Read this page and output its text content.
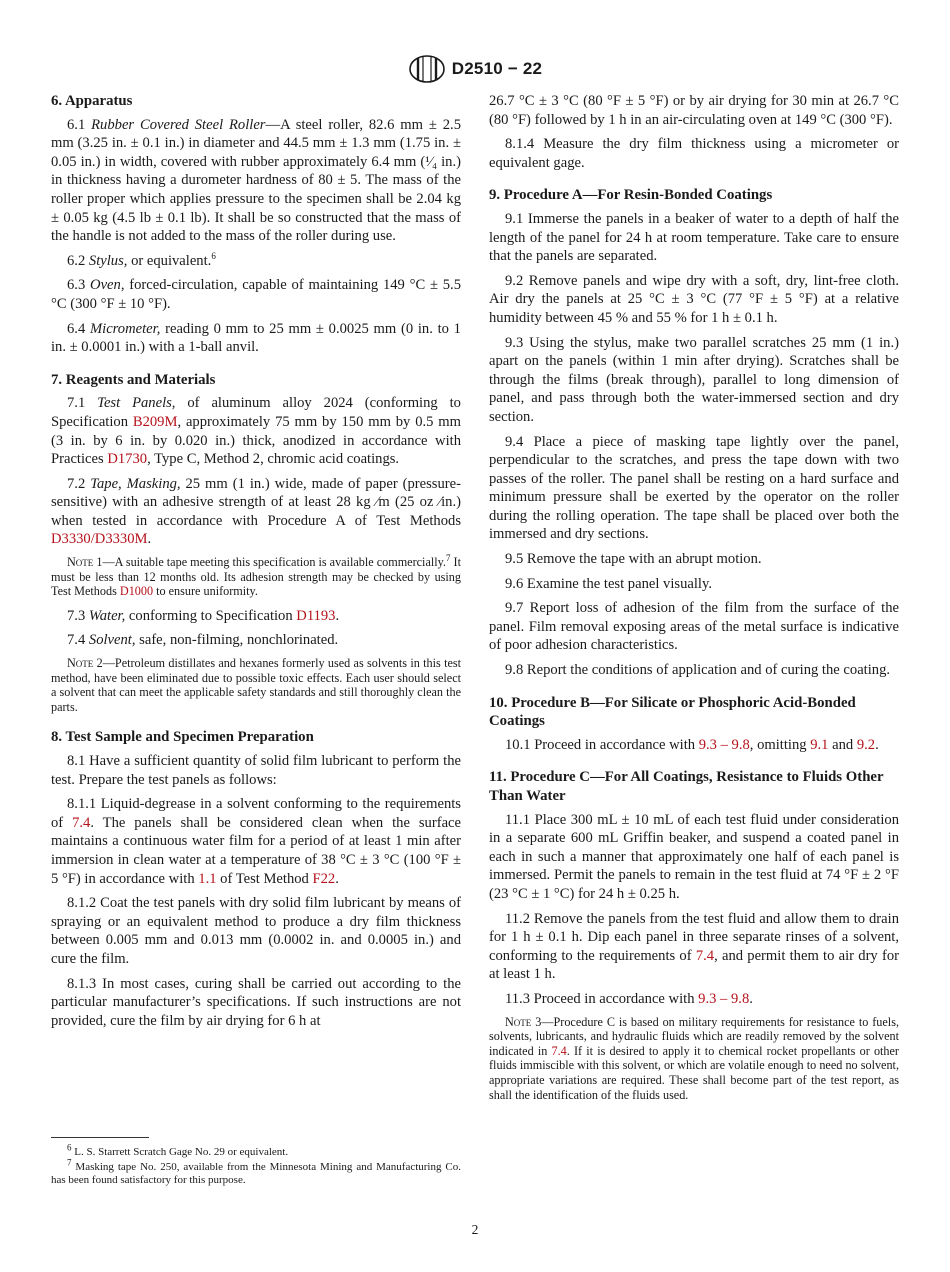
D2510 − 22
6. Apparatus

6.1 Rubber Covered Steel Roller—A steel roller, 82.6 mm ± 2.5 mm (3.25 in. ± 0.1 in.) in diameter and 44.5 mm ± 1.3 mm (1.75 in. ± 0.05 in.) in width, covered with rubber approximately 6.4 mm (¹⁄₄ in.) in thickness having a durometer hardness of 80 ± 5. The mass of the roller proper which applies pressure to the specimen shall be 2.04 kg ± 0.05 kg (4.5 lb ± 0.1 lb). It shall be so constructed that the mass of the handle is not added to the mass of the roller during use.

6.2 Stylus, or equivalent.$^6$

6.3 Oven, forced-circulation, capable of maintaining 149 °C ± 5.5 °C (300 °F ± 10 °F).

6.4 Micrometer, reading 0 mm to 25 mm ± 0.0025 mm (0 in. to 1 in. ± 0.0001 in.) with a 1-ball anvil.

7. Reagents and Materials

7.1 Test Panels, of aluminum alloy 2024 (conforming to Specification B209M, approximately 75 mm by 150 mm by 0.5 mm (3 in. by 6 in. by 0.020 in.) thick, anodized in accordance with Practices D1730, Type C, Method 2, chromic acid coatings.

7.2 Tape, Masking, 25 mm (1 in.) wide, made of paper (pressure-sensitive) with an adhesive strength of at least 28 kg ⁄m (25 oz ⁄in.) when tested in accordance with Procedure A of Test Methods D3330/D3330M.

Note 1—A suitable tape meeting this specification is available commercially.$^7$ It must be less than 12 months old. Its adhesion strength may be checked by using Test Methods D1000 to ensure uniformity.

7.3 Water, conforming to Specification D1193.

7.4 Solvent, safe, non-filming, nonchlorinated.

Note 2—Petroleum distillates and hexanes formerly used as solvents in this test method, have been eliminated due to possible toxic effects. Each user should select a solvent that can meet the applicable safety standards and still thoroughly clean the parts.

8. Test Sample and Specimen Preparation

8.1 Have a sufficient quantity of solid film lubricant to perform the test. Prepare the test panels as follows:

8.1.1 Liquid-degrease in a solvent conforming to the requirements of 7.4. The panels shall be considered clean when the surface maintains a continuous water film for a period of at least 1 min after immersion in clean water at a temperature of 38 °C ± 3 °C (100 °F ± 5 °F) in accordance with 1.1 of Test Method F22.

8.1.2 Coat the test panels with dry solid film lubricant by means of spraying or an equivalent method to produce a dry film thickness between 0.005 mm and 0.013 mm (0.0002 in. and 0.0005 in.) and cure the film.

8.1.3 In most cases, curing shall be carried out according to the particular manufacturer’s specifications. If such instructions are not provided, cure the film by air drying for 6 h at

$^6$ L. S. Starrett Scratch Gage No. 29 or equivalent.

$^7$ Masking tape No. 250, available from the Minnesota Mining and Manufacturing Co. has been found satisfactory for this purpose.

26.7 °C ± 3 °C (80 °F ± 5 °F) or by air drying for 30 min at 26.7 °C (80 °F) followed by 1 h in an air-circulating oven at 149 °C (300 °F).

8.1.4 Measure the dry film thickness using a micrometer or equivalent gage.

9. Procedure A—For Resin-Bonded Coatings

9.1 Immerse the panels in a beaker of water to a depth of half the length of the panel for 24 h at room temperature. Take care to ensure that the panels are separated.

9.2 Remove panels and wipe dry with a soft, dry, lint-free cloth. Air dry the panels at 25 °C ± 3 °C (77 °F ± 5 °F) at a relative humidity between 45 % and 55 % for 1 h ± 0.1 h.

9.3 Using the stylus, make two parallel scratches 25 mm (1 in.) apart on the panels (within 1 min after drying). Scratches shall be through the films (break through), parallel to long dimension of panel, and pass through both the water-immersed section and dry section.

9.4 Place a piece of masking tape lightly over the panel, perpendicular to the scratches, and press the tape down with two passes of the roller. The panel shall be resting on a hard surface and minimum pressure shall be exerted by the operator on the roller during the rolling operation. The tape shall be placed over both the immersed and dry sections.

9.5 Remove the tape with an abrupt motion.

9.6 Examine the test panel visually.

9.7 Report loss of adhesion of the film from the surface of the panel. Film removal exposing areas of the metal surface is indicative of poor adhesion characteristics.

9.8 Report the conditions of application and of curing the coating.

10. Procedure B—For Silicate or Phosphoric Acid-Bonded Coatings

10.1 Proceed in accordance with 9.3 – 9.8, omitting 9.1 and 9.2.

11. Procedure C—For All Coatings, Resistance to Fluids Other Than Water

11.1 Place 300 mL ± 10 mL of each test fluid under consideration in a separate 600 mL Griffin beaker, and suspend a coated panel in each in such a manner that approximately one half of each panel is immersed. Permit the panels to remain in the test fluid at 74 °F ± 2 °F (23 °C ± 1 °C) for 24 h ± 0.25 h.

11.2 Remove the panels from the test fluid and allow them to drain for 1 h ± 0.1 h. Dip each panel in three separate rinses of a solvent, conforming to the requirements of 7.4, and permit them to air dry for at least 1 h.

11.3 Proceed in accordance with 9.3 – 9.8.

Note 3—Procedure C is based on military requirements for resistance to fuels, solvents, lubricants, and hydraulic fluids which are readily removed by the solvent indicated in 7.4. If it is desired to apply it to chemical rocket propellants or other fluids immiscible with this solvent, or which are volatile enough to need no solvent, appropriate variations are required. These shall become part of the test report, as shall the identification of the fluids used.

2
